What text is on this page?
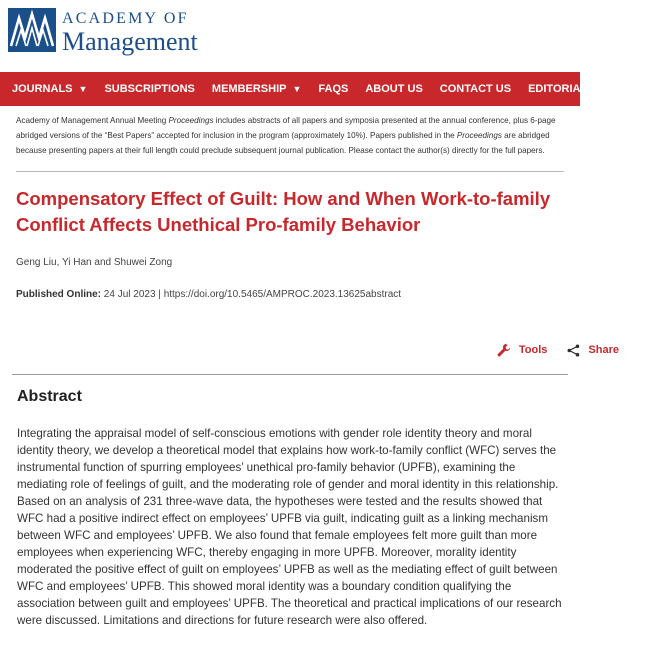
ACADEMY OF
Management
JOURNALS ▼ SUBSCRIPTIONS MEMBERSHIP ▼ FAQS ABOUT US CONTACT US EDITORIAL SERVICES
Academy of Management Annual Meeting Proceedings includes abstracts of all papers and symposia presented at the annual conference, plus 6-page abridged versions of the “Best Papers” accepted for inclusion in the program (approximately 10%). Papers published in the Proceedings are abridged because presenting papers at their full length could preclude subsequent journal publication. Please contact the author(s) directly for the full papers.
Compensatory Effect of Guilt: How and When Work-to-family Conflict Affects Unethical Pro-family Behavior
Geng Liu, Yi Han and Shuwei Zong
Published Online: 24 Jul 2023 | https://doi.org/10.5465/AMPROC.2023.13625abstract
Tools	Share
Abstract

Integrating the appraisal model of self-conscious emotions with gender role identity theory and moral identity theory, we develop a theoretical model that explains how work-to-family conflict (WFC) serves the instrumental function of spurring employees’ unethical pro-family behavior (UPFB), examining the mediating role of feelings of guilt, and the moderating role of gender and moral identity in this relationship. Based on an analysis of 231 three-wave data, the hypotheses were tested and the results showed that WFC had a positive indirect effect on employees’ UPFB via guilt, indicating guilt as a linking mechanism between WFC and employees’ UPFB. We also found that female employees felt more guilt than more employees when experiencing WFC, thereby engaging in more UPFB. Moreover, morality identity moderated the positive effect of guilt on employees’ UPFB as well as the mediating effect of guilt between WFC and employees’ UPFB. This showed moral identity was a boundary condition qualifying the association between guilt and employees’ UPFB. The theoretical and practical implications of our research were discussed. Limitations and directions for future research were also offered.
